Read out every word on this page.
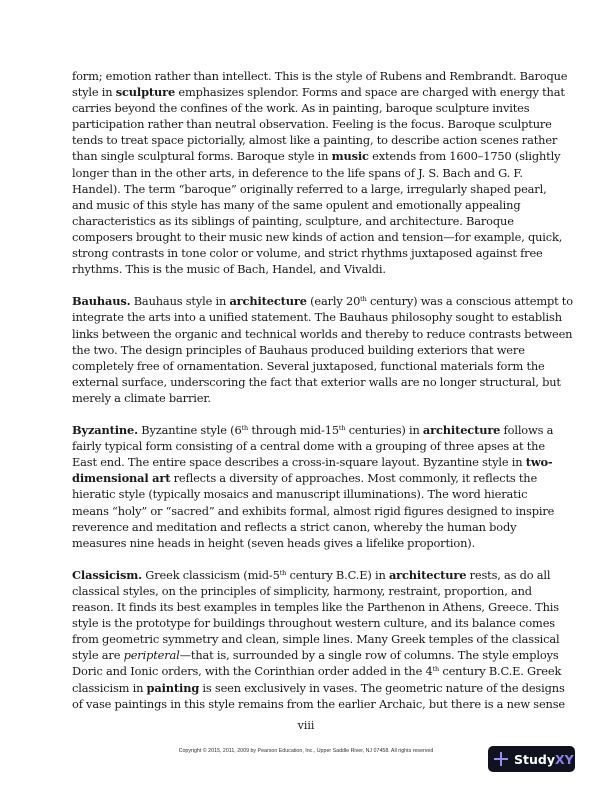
form; emotion rather than intellect. This is the style of Rubens and Rembrandt. Baroque
style in sculpture emphasizes splendor. Forms and space are charged with energy that
carries beyond the confines of the work. As in painting, baroque sculpture invites
participation rather than neutral observation. Feeling is the focus. Baroque sculpture
tends to treat space pictorially, almost like a painting, to describe action scenes rather
than single sculptural forms. Baroque style in music extends from 1600–1750 (slightly
longer than in the other arts, in deference to the life spans of J. S. Bach and G. F.
Handel). The term “baroque” originally referred to a large, irregularly shaped pearl,
and music of this style has many of the same opulent and emotionally appealing
characteristics as its siblings of painting, sculpture, and architecture. Baroque
composers brought to their music new kinds of action and tension—for example, quick,
strong contrasts in tone color or volume, and strict rhythms juxtaposed against free
rhythms. This is the music of Bach, Handel, and Vivaldi.
Bauhaus. Bauhaus style in architecture (early 20th century) was a conscious attempt to
integrate the arts into a unified statement. The Bauhaus philosophy sought to establish
links between the organic and technical worlds and thereby to reduce contrasts between
the two. The design principles of Bauhaus produced building exteriors that were
completely free of ornamentation. Several juxtaposed, functional materials form the
external surface, underscoring the fact that exterior walls are no longer structural, but
merely a climate barrier.
Byzantine. Byzantine style (6th through mid-15th centuries) in architecture follows a
fairly typical form consisting of a central dome with a grouping of three apses at the
East end. The entire space describes a cross-in-square layout. Byzantine style in two-
dimensional art reflects a diversity of approaches. Most commonly, it reflects the
hieratic style (typically mosaics and manuscript illuminations). The word hieratic
means “holy” or “sacred” and exhibits formal, almost rigid figures designed to inspire
reverence and meditation and reflects a strict canon, whereby the human body
measures nine heads in height (seven heads gives a lifelike proportion).
Classicism. Greek classicism (mid-5th century B.C.E) in architecture rests, as do all
classical styles, on the principles of simplicity, harmony, restraint, proportion, and
reason. It finds its best examples in temples like the Parthenon in Athens, Greece. This
style is the prototype for buildings throughout western culture, and its balance comes
from geometric symmetry and clean, simple lines. Many Greek temples of the classical
style are peripteral—that is, surrounded by a single row of columns. The style employs
Doric and Ionic orders, with the Corinthian order added in the 4th century B.C.E. Greek
classicism in painting is seen exclusively in vases. The geometric nature of the designs
of vase paintings in this style remains from the earlier Archaic, but there is a new sense
viii
Copyright © 2015, 2011, 2009 by Pearson Education, Inc., Upper Saddle River, NJ 07458. All rights reserved
Study XY
